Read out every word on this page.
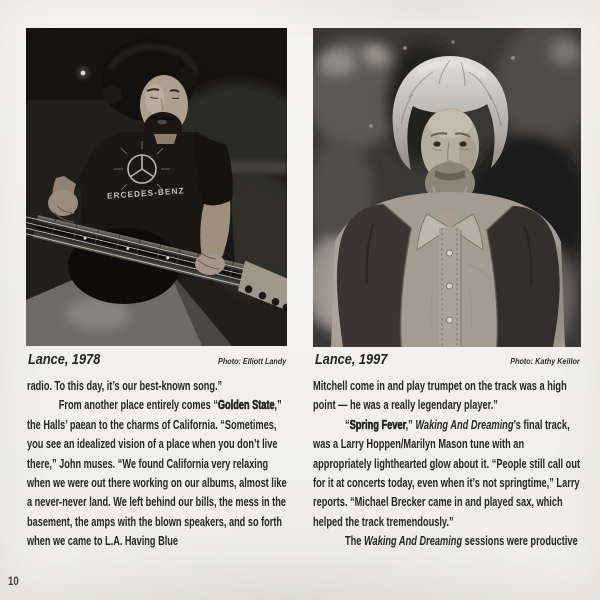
ERCEDES-BENZ
Lance, 1978	Photo: Elliott Landy Lance, 1997	Photo: Kathy Keillor

radio. To this day, it’s our best-known song.”

From another place entirely comes “Golden State,” the Halls’ paean to the charms of California. “Sometimes, you see an idealized vision of a place when you don’t live there,” John muses. “We found California very relaxing when we were out there working on our albums, almost like a never-never land. We left behind our bills, the mess in the basement, the amps with the blown speakers, and so forth when we came to L.A. Having Blue

Mitchell come in and play trumpet on the track was a high point — he was a really legendary player.”

“Spring Fever,” Waking And Dreaming’s final track, was a Larry Hoppen/Marilyn Mason tune with an appropriately lighthearted glow about it. “People still call out for it at concerts today, even when it’s not springtime,” Larry reports. “Michael Brecker came in and played sax, which helped the track tremendously.”

The Waking And Dreaming sessions were productive

10
